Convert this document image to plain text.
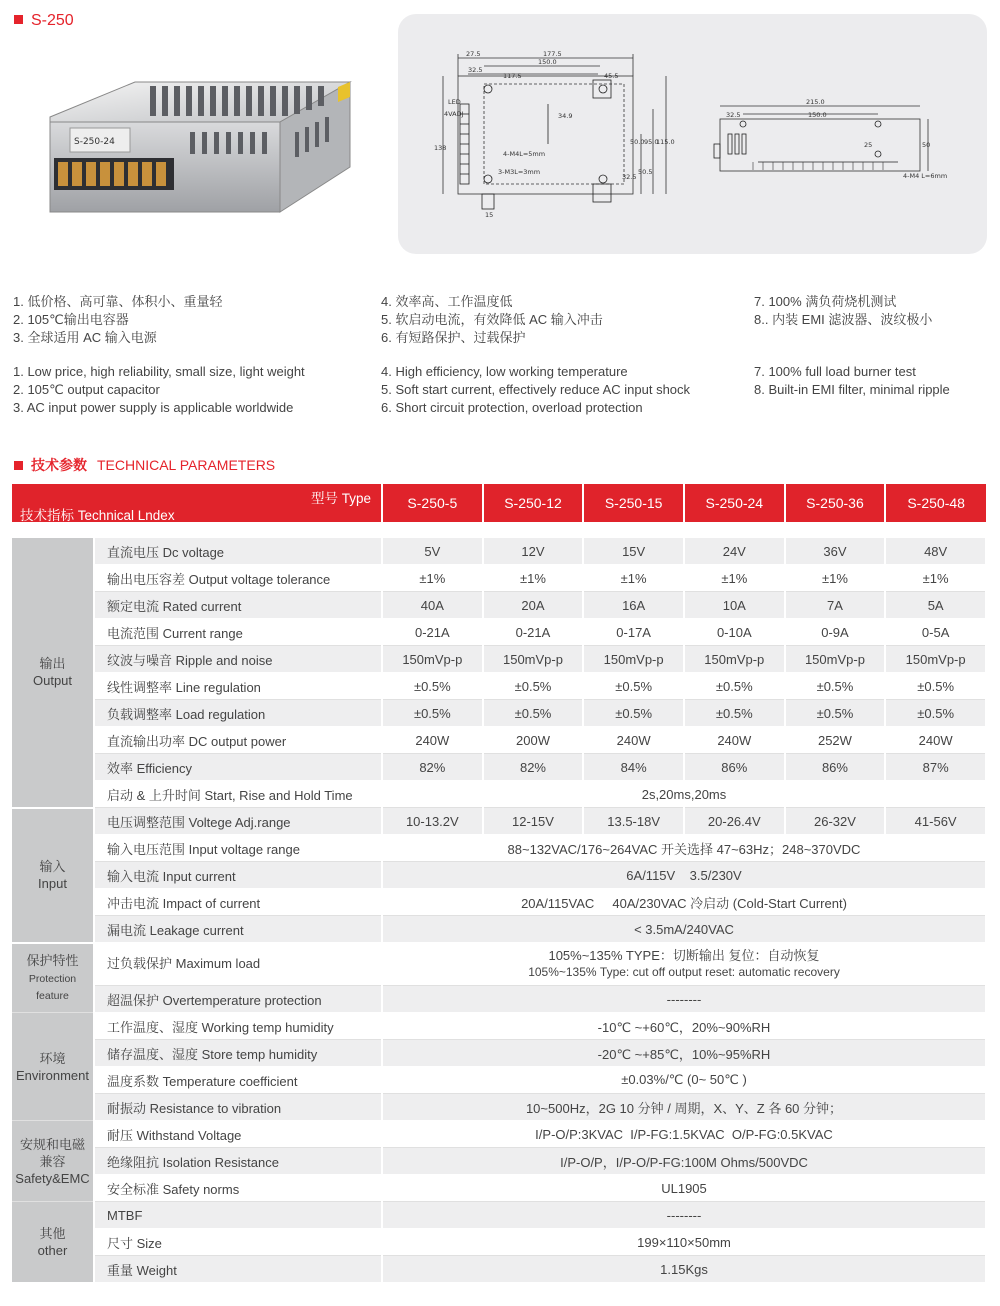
S-250
S-250-24
27.5	177.5
150.0
32.5
117.5	45.5
34.9
50.0 95.0
115.0
138
32.5
50.5
15
LED
4VADJ
4-M4L=5mm
3-M3L=3mm
215.0
32.5	150.0
25	50
4-M4 L=6mm
1. 低价格、高可靠、体积小、重量轻
2. 105℃输出电容器
3. 全球适用 AC 输入电源
4. 效率高、工作温度低
5. 软启动电流，有效降低 AC 输入冲击
6. 有短路保护、过载保护
7. 100% 满负荷烧机测试
8.. 内装 EMI 滤波器、波纹极小
1. Low price, high reliability, small size, light weight
2. 105℃ output capacitor
3. AC input power supply is applicable worldwide
4. High efficiency, low working temperature
5. Soft start current, effectively reduce AC input shock
6. Short circuit protection, overload protection
7. 100% full load burner test
8. Built-in EMI filter, minimal ripple
技术参数 TECHNICAL PARAMETERS
型号 Type
技术指标 Technical Lndex		S-250-5	S-250-12	S-250-15	S-250-24	S-250-36	S-250-48

输出
Output	直流电压 Dc voltage	5V	12V	15V	24V	36V	48V
	输出电压容差 Output voltage tolerance	±1%	±1%	±1%	±1%	±1%	±1%
	额定电流 Rated current	40A	20A	16A	10A	7A	5A
	电流范围 Current range	0-21A	0-21A	0-17A	0-10A	0-9A	0-5A
	纹波与噪音 Ripple and noise	150mVp-p	150mVp-p	150mVp-p	150mVp-p	150mVp-p	150mVp-p
	线性调整率 Line regulation	±0.5%	±0.5%	±0.5%	±0.5%	±0.5%	±0.5%
	负载调整率 Load regulation	±0.5%	±0.5%	±0.5%	±0.5%	±0.5%	±0.5%
	直流输出功率 DC output power	240W	200W	240W	240W	252W	240W
	效率 Efficiency	82%	82%	84%	86%	86%	87%
	启动 & 上升时间 Start, Rise and Hold Time	2s,20ms,20ms					
输入
Input	电压调整范围 Voltege Adj.range	10-13.2V	12-15V	13.5-18V	20-26.4V	26-32V	41-56V
	输入电压范围 Input voltage range	88~132VAC/176~264VAC 开关选择 47~63Hz；248~370VDC					
	输入电流 Input current	6A/115V    3.5/230V					
	冲击电流 Impact of current	20A/115VAC     40A/230VAC 冷启动 (Cold-Start Current)					
	漏电流 Leakage current	< 3.5mA/240VAC					
保护特性
Protection
feature	过负载保护 Maximum load	105%~135% TYPE：切断输出 复位：自动恢复
105%~135% Type: cut off output reset: automatic recovery					
	超温保护 Overtemperature protection	--------					
环境
Environment	工作温度、湿度 Working temp humidity	-10℃ ~+60℃，20%~90%RH					
	储存温度、湿度 Store temp humidity	-20℃ ~+85℃，10%~95%RH					
	温度系数 Temperature coefficient	±0.03%/℃ (0~ 50℃ )					
	耐振动 Resistance to vibration	10~500Hz，2G 10 分钟 / 周期，X、Y、Z 各 60 分钟；					
安规和电磁
兼容
Safety&EMC	耐压 Withstand Voltage	I/P-O/P:3KVAC  I/P-FG:1.5KVAC  O/P-FG:0.5KVAC					
	绝缘阻抗 Isolation Resistance	I/P-O/P，I/P-O/P-FG:100M Ohms/500VDC					
	安全标准 Safety norms	UL1905					
其他
other	MTBF	--------					
	尺寸 Size	199×110×50mm					
	重量 Weight	1.15Kgs					
